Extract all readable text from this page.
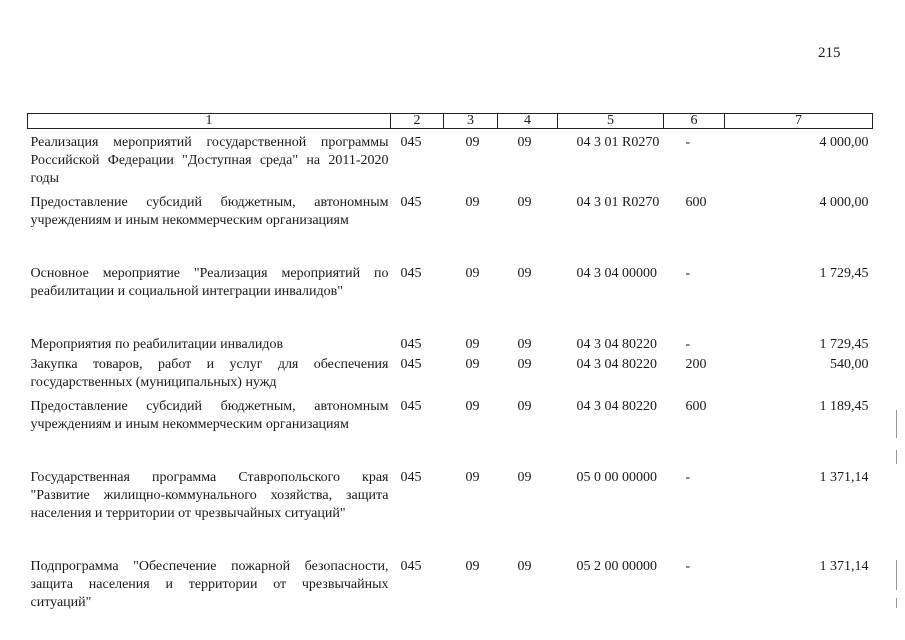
215
1	2	3	4	5	6	7
Реализация мероприятий государственной программы Российской Федерации "Доступная среда" на 2011-2020 годы	045	09	09	04 3 01 R0270	-	4 000,00
Предоставление субсидий бюджетным, автономным учреждениям и иным некоммерческим организациям	045	09	09	04 3 01 R0270	600	4 000,00
Основное мероприятие "Реализация мероприятий по реабилитации и социальной интеграции инвалидов"	045	09	09	04 3 04 00000	-	1 729,45
Мероприятия по реабилитации инвалидов	045	09	09	04 3 04 80220	-	1 729,45
Закупка товаров, работ и услуг для обеспечения государственных (муниципальных) нужд	045	09	09	04 3 04 80220	200	540,00
Предоставление субсидий бюджетным, автономным учреждениям и иным некоммерческим организациям	045	09	09	04 3 04 80220	600	1 189,45
Государственная программа Ставропольского края "Развитие жилищно-коммунального хозяйства, защита населения и территории от чрезвычайных ситуаций"	045	09	09	05 0 00 00000	-	1 371,14
Подпрограмма "Обеспечение пожарной безопасности, защита населения и территории от чрезвычайных ситуаций"	045	09	09	05 2 00 00000	-	1 371,14
